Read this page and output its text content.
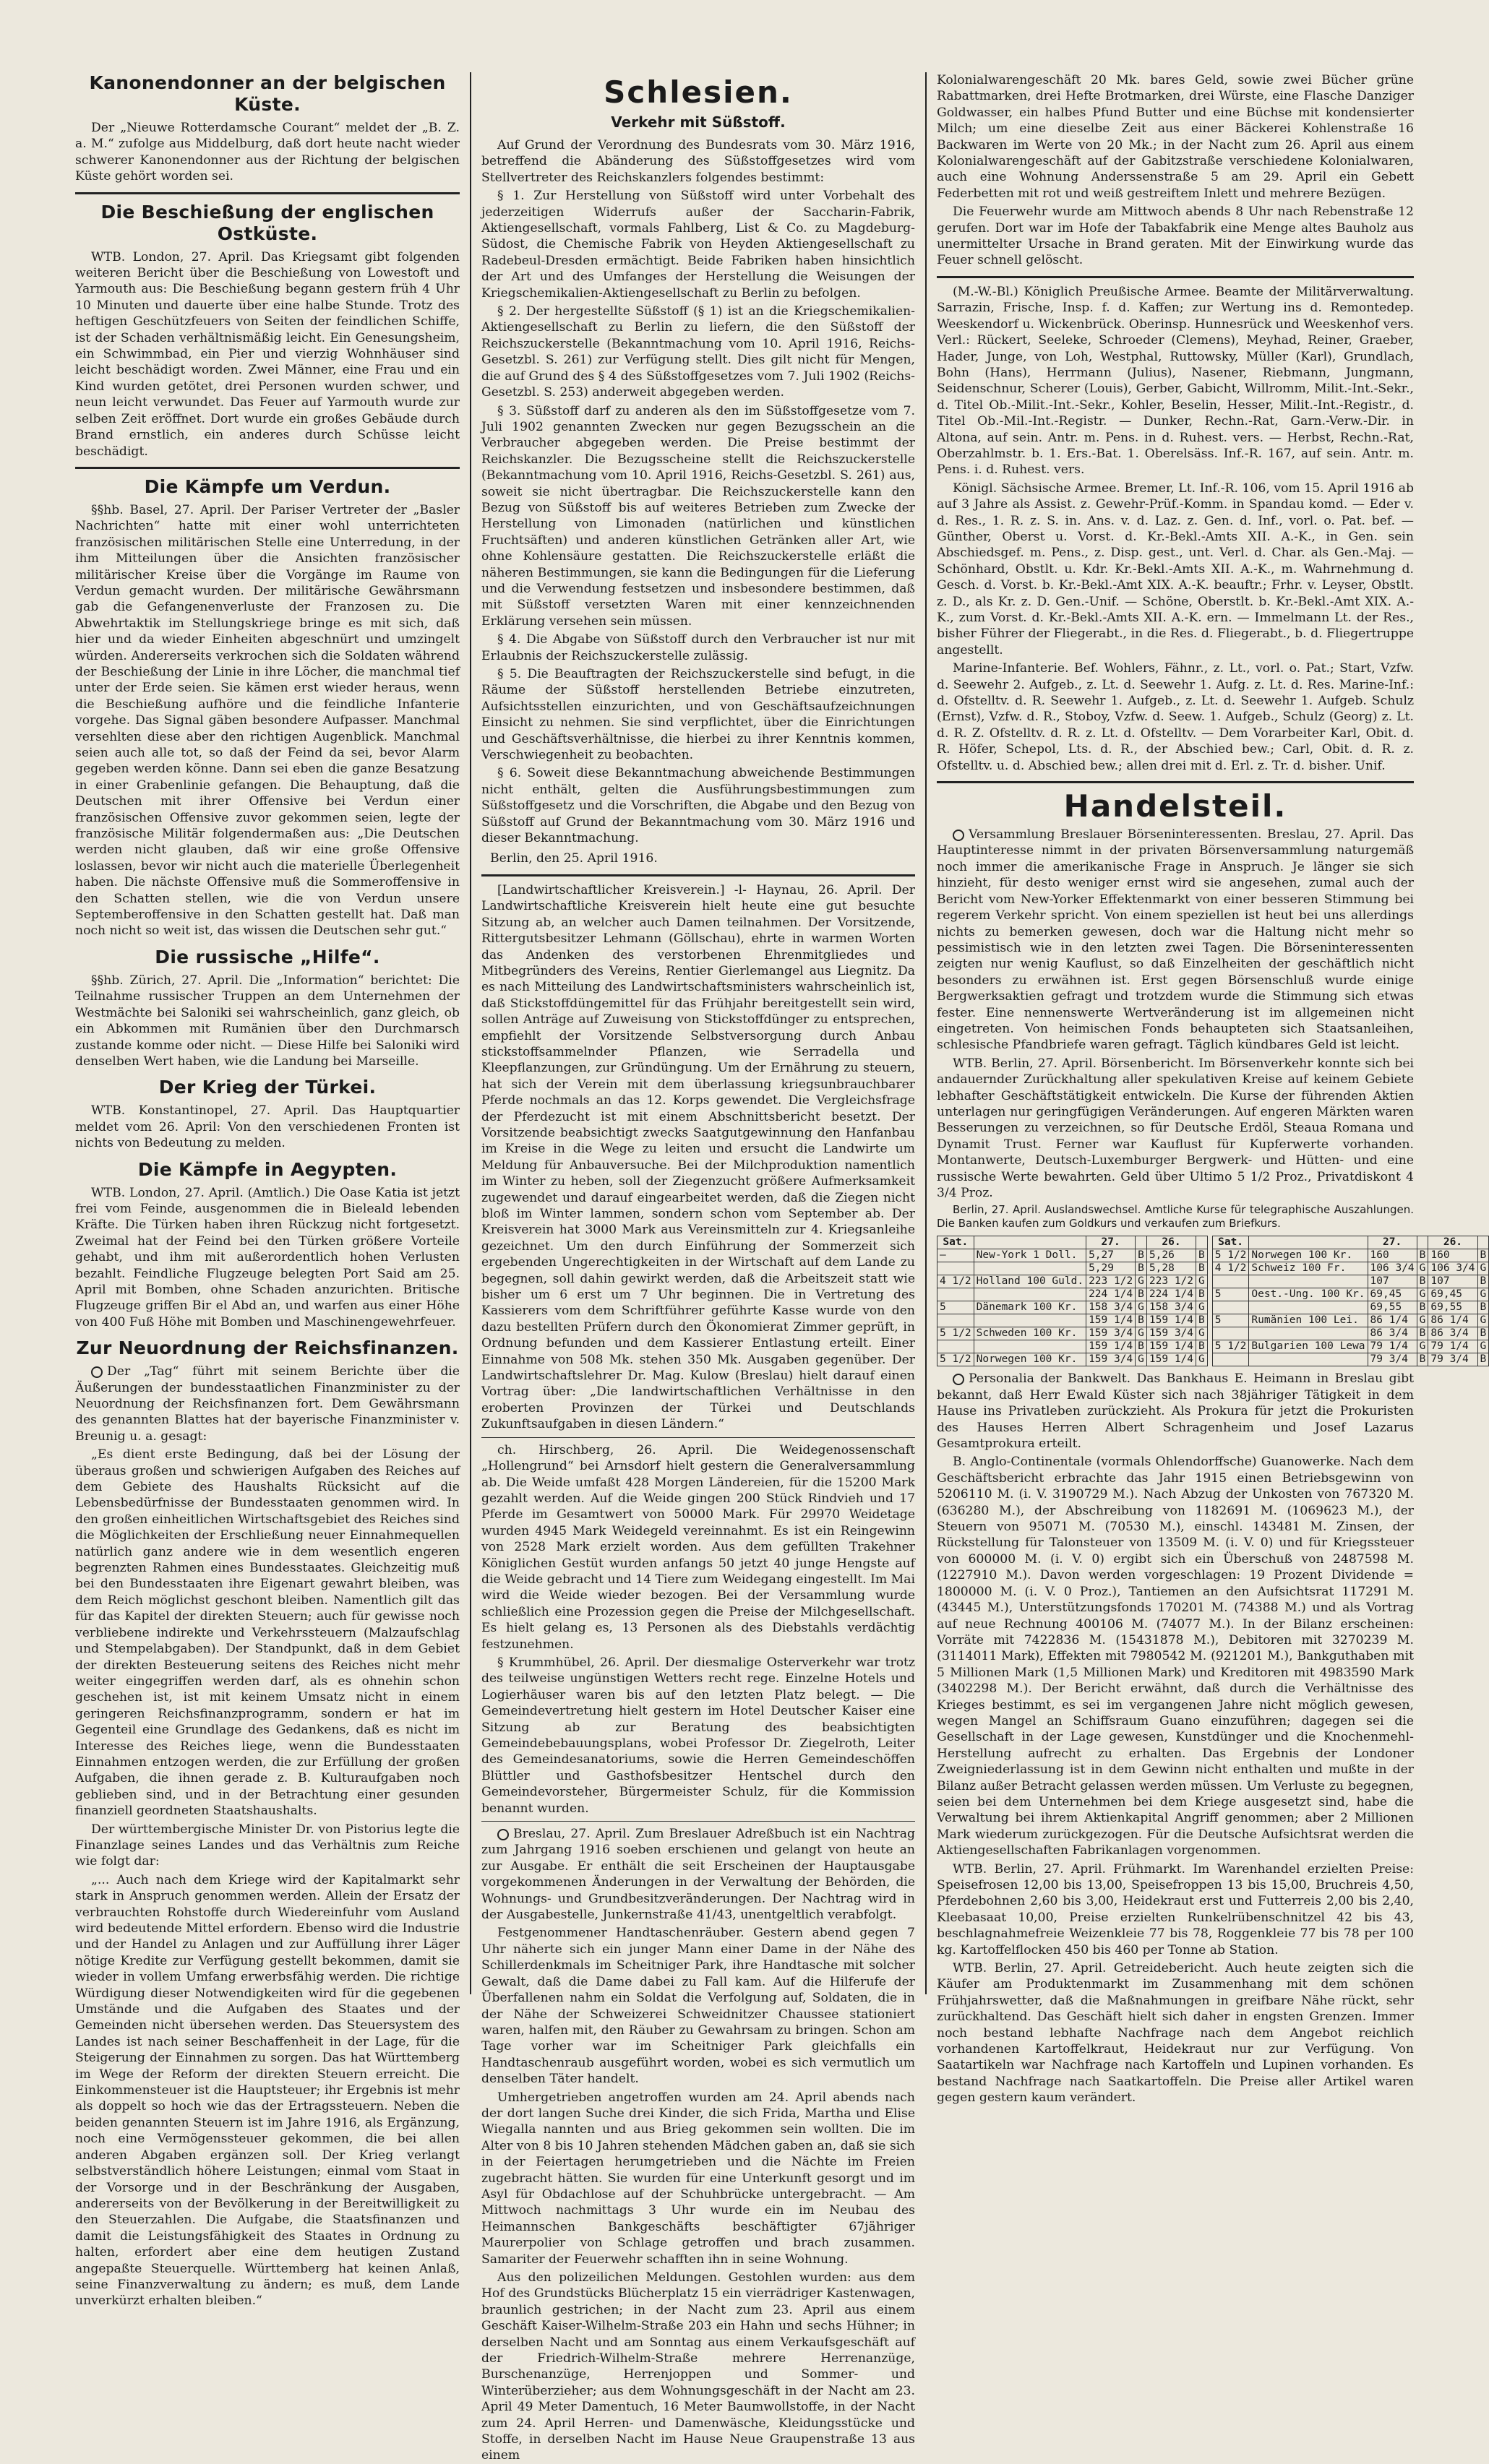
Kanonendonner an der belgischen Küste.

Der „Nieuwe Rotterdamsche Courant“ meldet der „B. Z. a. M.“ zufolge aus Middelburg, daß dort heute nacht wieder schwerer Kanonendonner aus der Richtung der belgischen Küste gehört worden sei.

Die Beschießung der englischen Ostküste.

WTB. London, 27. April. Das Kriegsamt gibt folgenden weiteren Bericht über die Beschießung von Lowestoft und Yarmouth aus: Die Beschießung begann gestern früh 4 Uhr 10 Minuten und dauerte über eine halbe Stunde. Trotz des heftigen Geschützfeuers von Seiten der feindlichen Schiffe, ist der Schaden verhältnismäßig leicht. Ein Genesungsheim, ein Schwimmbad, ein Pier und vierzig Wohnhäuser sind leicht beschädigt worden. Zwei Männer, eine Frau und ein Kind wurden getötet, drei Personen wurden schwer, und neun leicht verwundet. Das Feuer auf Yarmouth wurde zur selben Zeit eröffnet. Dort wurde ein großes Gebäude durch Brand ernstlich, ein anderes durch Schüsse leicht beschädigt.

Die Kämpfe um Verdun.

§§hb. Basel, 27. April. Der Pariser Vertreter der „Basler Nachrichten“ hatte mit einer wohl unterrichteten französischen militärischen Stelle eine Unterredung, in der ihm Mitteilungen über die Ansichten französischer militärischer Kreise über die Vorgänge im Raume von Verdun gemacht wurden. Der militärische Gewährsmann gab die Gefangenenverluste der Franzosen zu. Die Abwehrtaktik im Stellungskriege bringe es mit sich, daß hier und da wieder Einheiten abgeschnürt und umzingelt würden. Andererseits verkrochen sich die Soldaten während der Beschießung der Linie in ihre Löcher, die manchmal tief unter der Erde seien. Sie kämen erst wieder heraus, wenn die Beschießung aufhöre und die feindliche Infanterie vorgehe. Das Signal gäben besondere Aufpasser. Manchmal versehlten diese aber den richtigen Augenblick. Manchmal seien auch alle tot, so daß der Feind da sei, bevor Alarm gegeben werden könne. Dann sei eben die ganze Besatzung in einer Grabenlinie gefangen. Die Behauptung, daß die Deutschen mit ihrer Offensive bei Verdun einer französischen Offensive zuvor gekommen seien, legte der französische Militär folgendermaßen aus: „Die Deutschen werden nicht glauben, daß wir eine große Offensive loslassen, bevor wir nicht auch die materielle Überlegenheit haben. Die nächste Offensive muß die Sommeroffensive in den Schatten stellen, wie die von Verdun unsere Septemberoffensive in den Schatten gestellt hat. Daß man noch nicht so weit ist, das wissen die Deutschen sehr gut.“

Die russische „Hilfe“.

§§hb. Zürich, 27. April. Die „Information“ berichtet: Die Teilnahme russischer Truppen an dem Unternehmen der Westmächte bei Saloniki sei wahrscheinlich, ganz gleich, ob ein Abkommen mit Rumänien über den Durchmarsch zustande komme oder nicht. — Diese Hilfe bei Saloniki wird denselben Wert haben, wie die Landung bei Marseille.

Der Krieg der Türkei.

WTB. Konstantinopel, 27. April. Das Hauptquartier meldet vom 26. April: Von den verschiedenen Fronten ist nichts von Bedeutung zu melden.

Die Kämpfe in Aegypten.

WTB. London, 27. April. (Amtlich.) Die Oase Katia ist jetzt frei vom Feinde, ausgenommen die in Bieleald lebenden Kräfte. Die Türken haben ihren Rückzug nicht fortgesetzt. Zweimal hat der Feind bei den Türken größere Vorteile gehabt, und ihm mit außerordentlich hohen Verlusten bezahlt. Feindliche Flugzeuge belegten Port Said am 25. April mit Bomben, ohne Schaden anzurichten. Britische Flugzeuge griffen Bir el Abd an, und warfen aus einer Höhe von 400 Fuß Höhe mit Bomben und Maschinengewehrfeuer.

Zur Neuordnung der Reichsfinanzen.

Der „Tag“ führt mit seinem Berichte über die Äußerungen der bundesstaatlichen Finanzminister zu der Neuordnung der Reichsfinanzen fort. Dem Gewährsmann des genannten Blattes hat der bayerische Finanzminister v. Breunig u. a. gesagt:

„Es dient erste Bedingung, daß bei der Lösung der überaus großen und schwierigen Aufgaben des Reiches auf dem Gebiete des Haushalts Rücksicht auf die Lebensbedürfnisse der Bundesstaaten genommen wird. In den großen einheitlichen Wirtschaftsgebiet des Reiches sind die Möglichkeiten der Erschließung neuer Einnahmequellen natürlich ganz andere wie in dem wesentlich engeren begrenzten Rahmen eines Bundesstaates. Gleichzeitig muß bei den Bundesstaaten ihre Eigenart gewahrt bleiben, was dem Reich möglichst geschont bleiben. Namentlich gilt das für das Kapitel der direkten Steuern; auch für gewisse noch verbliebene indirekte und Verkehrssteuern (Malzaufschlag und Stempelabgaben). Der Standpunkt, daß in dem Gebiet der direkten Besteuerung seitens des Reiches nicht mehr weiter eingegriffen werden darf, als es ohnehin schon geschehen ist, ist mit keinem Umsatz nicht in einem geringeren Reichsfinanzprogramm, sondern er hat im Gegenteil eine Grundlage des Gedankens, daß es nicht im Interesse des Reiches liege, wenn die Bundesstaaten Einnahmen entzogen werden, die zur Erfüllung der großen Aufgaben, die ihnen gerade z. B. Kulturaufgaben noch geblieben sind, und in der Betrachtung einer gesunden finanziell geordneten Staatshaushalts.

Der württembergische Minister Dr. von Pistorius legte die Finanzlage seines Landes und das Verhältnis zum Reiche wie folgt dar:

„... Auch nach dem Kriege wird der Kapitalmarkt sehr stark in Anspruch genommen werden. Allein der Ersatz der verbrauchten Rohstoffe durch Wiedereinfuhr vom Ausland wird bedeutende Mittel erfordern. Ebenso wird die Industrie und der Handel zu Anlagen und zur Auffüllung ihrer Läger nötige Kredite zur Verfügung gestellt bekommen, damit sie wieder in vollem Umfang erwerbsfähig werden. Die richtige Würdigung dieser Notwendigkeiten wird für die gegebenen Umstände und die Aufgaben des Staates und der Gemeinden nicht übersehen werden. Das Steuersystem des Landes ist nach seiner Beschaffenheit in der Lage, für die Steigerung der Einnahmen zu sorgen. Das hat Württemberg im Wege der Reform der direkten Steuern erreicht. Die Einkommensteuer ist die Hauptsteuer; ihr Ergebnis ist mehr als doppelt so hoch wie das der Ertragssteuern. Neben die beiden genannten Steuern ist im Jahre 1916, als Ergänzung, noch eine Vermögenssteuer gekommen, die bei allen anderen Abgaben ergänzen soll. Der Krieg verlangt selbstverständlich höhere Leistungen; einmal vom Staat in der Vorsorge und in der Beschränkung der Ausgaben, andererseits von der Bevölkerung in der Bereitwilligkeit zu den Steuerzahlen. Die Aufgabe, die Staatsfinanzen und damit die Leistungsfähigkeit des Staates in Ordnung zu halten, erfordert aber eine dem heutigen Zustand angepaßte Steuerquelle. Württemberg hat keinen Anlaß, seine Finanzverwaltung zu ändern; es muß, dem Lande unverkürzt erhalten bleiben.“

Schlesien.
Verkehr mit Süßstoff.

Auf Grund der Verordnung des Bundesrats vom 30. März 1916, betreffend die Abänderung des Süßstoffgesetzes wird vom Stellvertreter des Reichskanzlers folgendes bestimmt:

§ 1. Zur Herstellung von Süßstoff wird unter Vorbehalt des jederzeitigen Widerrufs außer der Saccharin-Fabrik, Aktiengesellschaft, vormals Fahlberg, List & Co. zu Magdeburg-Südost, die Chemische Fabrik von Heyden Aktiengesellschaft zu Radebeul-Dresden ermächtigt. Beide Fabriken haben hinsichtlich der Art und des Umfanges der Herstellung die Weisungen der Kriegschemikalien-Aktiengesellschaft zu Berlin zu befolgen.

§ 2. Der hergestellte Süßstoff (§ 1) ist an die Kriegschemikalien-Aktiengesellschaft zu Berlin zu liefern, die den Süßstoff der Reichszuckerstelle (Bekanntmachung vom 10. April 1916, Reichs-Gesetzbl. S. 261) zur Verfügung stellt. Dies gilt nicht für Mengen, die auf Grund des § 4 des Süßstoffgesetzes vom 7. Juli 1902 (Reichs-Gesetzbl. S. 253) anderweit abgegeben werden.

§ 3. Süßstoff darf zu anderen als den im Süßstoffgesetze vom 7. Juli 1902 genannten Zwecken nur gegen Bezugsschein an die Verbraucher abgegeben werden. Die Preise bestimmt der Reichskanzler. Die Bezugsscheine stellt die Reichszuckerstelle (Bekanntmachung vom 10. April 1916, Reichs-Gesetzbl. S. 261) aus, soweit sie nicht übertragbar. Die Reichszuckerstelle kann den Bezug von Süßstoff bis auf weiteres Betrieben zum Zwecke der Herstellung von Limonaden (natürlichen und künstlichen Fruchtsäften) und anderen künstlichen Getränken aller Art, wie ohne Kohlensäure gestatten. Die Reichszuckerstelle erläßt die näheren Bestimmungen, sie kann die Bedingungen für die Lieferung und die Verwendung festsetzen und insbesondere bestimmen, daß mit Süßstoff versetzten Waren mit einer kennzeichnenden Erklärung versehen sein müssen.

§ 4. Die Abgabe von Süßstoff durch den Verbraucher ist nur mit Erlaubnis der Reichszuckerstelle zulässig.

§ 5. Die Beauftragten der Reichszuckerstelle sind befugt, in die Räume der Süßstoff herstellenden Betriebe einzutreten, Aufsichtsstellen einzurichten, und von Geschäftsaufzeichnungen Einsicht zu nehmen. Sie sind verpflichtet, über die Einrichtungen und Geschäftsverhältnisse, die hierbei zu ihrer Kenntnis kommen, Verschwiegenheit zu beobachten.

§ 6. Soweit diese Bekanntmachung abweichende Bestimmungen nicht enthält, gelten die Ausführungsbestimmungen zum Süßstoffgesetz und die Vorschriften, die Abgabe und den Bezug von Süßstoff auf Grund der Bekanntmachung vom 30. März 1916 und dieser Bekanntmachung.

Berlin, den 25. April 1916.

[Landwirtschaftlicher Kreisverein.] -l- Haynau, 26. April. Der Landwirtschaftliche Kreisverein hielt heute eine gut besuchte Sitzung ab, an welcher auch Damen teilnahmen. Der Vorsitzende, Rittergutsbesitzer Lehmann (Göllschau), ehrte in warmen Worten das Andenken des verstorbenen Ehrenmitgliedes und Mitbegründers des Vereins, Rentier Gierlemangel aus Liegnitz. Da es nach Mitteilung des Landwirtschaftsministers wahrscheinlich ist, daß Stickstoffdüngemittel für das Frühjahr bereitgestellt sein wird, sollen Anträge auf Zuweisung von Stickstoffdünger zu entsprechen, empfiehlt der Vorsitzende Selbstversorgung durch Anbau stickstoffsammelnder Pflanzen, wie Serradella und Kleepflanzungen, zur Gründüngung. Um der Ernährung zu steuern, hat sich der Verein mit dem überlassung kriegsunbrauchbarer Pferde nochmals an das 12. Korps gewendet. Die Vergleichsfrage der Pferdezucht ist mit einem Abschnittsbericht besetzt. Der Vorsitzende beabsichtigt zwecks Saatgutgewinnung den Hanfanbau im Kreise in die Wege zu leiten und ersucht die Landwirte um Meldung für Anbauversuche. Bei der Milchproduktion namentlich im Winter zu heben, soll der Ziegenzucht größere Aufmerksamkeit zugewendet und darauf eingearbeitet werden, daß die Ziegen nicht bloß im Winter lammen, sondern schon vom September ab. Der Kreisverein hat 3000 Mark aus Vereinsmitteln zur 4. Kriegsanleihe gezeichnet. Um den durch Einführung der Sommerzeit sich ergebenden Ungerechtigkeiten in der Wirtschaft auf dem Lande zu begegnen, soll dahin gewirkt werden, daß die Arbeitszeit statt wie bisher um 6 erst um 7 Uhr beginnen. Die in Vertretung des Kassierers vom dem Schriftführer geführte Kasse wurde von den dazu bestellten Prüfern durch den Ökonomierat Zimmer geprüft, in Ordnung befunden und dem Kassierer Entlastung erteilt. Einer Einnahme von 508 Mk. stehen 350 Mk. Ausgaben gegenüber. Der Landwirtschaftslehrer Dr. Mag. Kulow (Breslau) hielt darauf einen Vortrag über: „Die landwirtschaftlichen Verhältnisse in den eroberten Provinzen der Türkei und Deutschlands Zukunftsaufgaben in diesen Ländern.“

ch. Hirschberg, 26. April. Die Weidegenossenschaft „Hollengrund“ bei Arnsdorf hielt gestern die Generalversammlung ab. Die Weide umfaßt 428 Morgen Ländereien, für die 15200 Mark gezahlt werden. Auf die Weide gingen 200 Stück Rindvieh und 17 Pferde im Gesamtwert von 50000 Mark. Für 29970 Weidetage wurden 4945 Mark Weidegeld vereinnahmt. Es ist ein Reingewinn von 2528 Mark erzielt worden. Aus dem gefüllten Trakehner Königlichen Gestüt wurden anfangs 50 jetzt 40 junge Hengste auf die Weide gebracht und 14 Tiere zum Weidegang eingestellt. Im Mai wird die Weide wieder bezogen. Bei der Versammlung wurde schließlich eine Prozession gegen die Preise der Milchgesellschaft. Es hielt gelang es, 13 Personen als des Diebstahls verdächtig festzunehmen.

§ Krummhübel, 26. April. Der diesmalige Osterverkehr war trotz des teilweise ungünstigen Wetters recht rege. Einzelne Hotels und Logierhäuser waren bis auf den letzten Platz belegt. — Die Gemeindevertretung hielt gestern im Hotel Deutscher Kaiser eine Sitzung ab zur Beratung des beabsichtigten Gemeindebebauungsplans, wobei Professor Dr. Ziegelroth, Leiter des Gemeindesanatoriums, sowie die Herren Gemeindeschöffen Blüttler und Gasthofsbesitzer Hentschel durch den Gemeindevorsteher, Bürgermeister Schulz, für die Kommission benannt wurden.

Breslau, 27. April. Zum Breslauer Adreßbuch ist ein Nachtrag zum Jahrgang 1916 soeben erschienen und gelangt von heute an zur Ausgabe. Er enthält die seit Erscheinen der Hauptausgabe vorgekommenen Änderungen in der Verwaltung der Behörden, die Wohnungs- und Grundbesitzveränderungen. Der Nachtrag wird in der Ausgabestelle, Junkernstraße 41/43, unentgeltlich verabfolgt.

Festgenommener Handtaschenräuber. Gestern abend gegen 7 Uhr näherte sich ein junger Mann einer Dame in der Nähe des Schillerdenkmals im Scheitniger Park, ihre Handtasche mit solcher Gewalt, daß die Dame dabei zu Fall kam. Auf die Hilferufe der Überfallenen nahm ein Soldat die Verfolgung auf, Soldaten, die in der Nähe der Schweizerei Schweidnitzer Chaussee stationiert waren, halfen mit, den Räuber zu Gewahrsam zu bringen. Schon am Tage vorher war im Scheitniger Park gleichfalls ein Handtaschenraub ausgeführt worden, wobei es sich vermutlich um denselben Täter handelt.

Umhergetrieben angetroffen wurden am 24. April abends nach der dort langen Suche drei Kinder, die sich Frida, Martha und Elise Wiegalla nannten und aus Brieg gekommen sein wollten. Die im Alter von 8 bis 10 Jahren stehenden Mädchen gaben an, daß sie sich in der Feiertagen herumgetrieben und die Nächte im Freien zugebracht hätten. Sie wurden für eine Unterkunft gesorgt und im Asyl für Obdachlose auf der Schuhbrücke untergebracht. — Am Mittwoch nachmittags 3 Uhr wurde ein im Neubau des Heimannschen Bankgeschäfts beschäftigter 67jähriger Maurerpolier von Schlage getroffen und brach zusammen. Samariter der Feuerwehr schafften ihn in seine Wohnung.

Aus den polizeilichen Meldungen. Gestohlen wurden: aus dem Hof des Grundstücks Blücherplatz 15 ein vierrädriger Kastenwagen, braunlich gestrichen; in der Nacht zum 23. April aus einem Geschäft Kaiser-Wilhelm-Straße 203 ein Hahn und sechs Hühner; in derselben Nacht und am Sonntag aus einem Verkaufsgeschäft auf der Friedrich-Wilhelm-Straße mehrere Herrenanzüge, Burschenanzüge, Herrenjoppen und Sommer- und Winterüberzieher; aus dem Wohnungsgeschäft in der Nacht am 23. April 49 Meter Damentuch, 16 Meter Baumwollstoffe, in der Nacht zum 24. April Herren- und Damenwäsche, Kleidungsstücke und Stoffe, in derselben Nacht im Hause Neue Graupenstraße 13 aus einem

Kolonialwarengeschäft 20 Mk. bares Geld, sowie zwei Bücher grüne Rabattmarken, drei Hefte Brotmarken, drei Würste, eine Flasche Danziger Goldwasser, ein halbes Pfund Butter und eine Büchse mit kondensierter Milch; um eine dieselbe Zeit aus einer Bäckerei Kohlenstraße 16 Backwaren im Werte von 20 Mk.; in der Nacht zum 26. April aus einem Kolonialwarengeschäft auf der Gabitzstraße verschiedene Kolonialwaren, auch eine Wohnung Anderssenstraße 5 am 29. April ein Gebett Federbetten mit rot und weiß gestreiftem Inlett und mehrere Bezügen.

Die Feuerwehr wurde am Mittwoch abends 8 Uhr nach Rebenstraße 12 gerufen. Dort war im Hofe der Tabakfabrik eine Menge altes Bauholz aus unermittelter Ursache in Brand geraten. Mit der Einwirkung wurde das Feuer schnell gelöscht.

(M.-W.-Bl.) Königlich Preußische Armee. Beamte der Militärverwaltung. Sarrazin, Frische, Insp. f. d. Kaffen; zur Wertung ins d. Remontedep. Weeskendorf u. Wickenbrück. Oberinsp. Hunnesrück und Weeskenhof vers. Verl.: Rückert, Seeleke, Schroeder (Clemens), Meyhad, Reiner, Graeber, Hader, Junge, von Loh, Westphal, Ruttowsky, Müller (Karl), Grundlach, Bohn (Hans), Herrmann (Julius), Nasener, Riebmann, Jungmann, Seidenschnur, Scherer (Louis), Gerber, Gabicht, Willromm, Milit.-Int.-Sekr., d. Titel Ob.-Milit.-Int.-Sekr., Kohler, Beselin, Hesser, Milit.-Int.-Registr., d. Titel Ob.-Mil.-Int.-Registr. — Dunker, Rechn.-Rat, Garn.-Verw.-Dir. in Altona, auf sein. Antr. m. Pens. in d. Ruhest. vers. — Herbst, Rechn.-Rat, Oberzahlmstr. b. 1. Ers.-Bat. 1. Oberelsäss. Inf.-R. 167, auf sein. Antr. m. Pens. i. d. Ruhest. vers.

Königl. Sächsische Armee. Bremer, Lt. Inf.-R. 106, vom 15. April 1916 ab auf 3 Jahre als Assist. z. Gewehr-Prüf.-Komm. in Spandau komd. — Eder v. d. Res., 1. R. z. S. in. Ans. v. d. Laz. z. Gen. d. Inf., vorl. o. Pat. bef. — Günther, Oberst u. Vorst. d. Kr.-Bekl.-Amts XII. A.-K., in Gen. sein Abschiedsgef. m. Pens., z. Disp. gest., unt. Verl. d. Char. als Gen.-Maj. — Schönhard, Obstlt. u. Kdr. Kr.-Bekl.-Amts XII. A.-K., m. Wahrnehmung d. Gesch. d. Vorst. b. Kr.-Bekl.-Amt XIX. A.-K. beauftr.; Frhr. v. Leyser, Obstlt. z. D., als Kr. z. D. Gen.-Unif. — Schöne, Oberstlt. b. Kr.-Bekl.-Amt XIX. A.-K., zum Vorst. d. Kr.-Bekl.-Amts XII. A.-K. ern. — Immelmann Lt. der Res., bisher Führer der Fliegerabt., in die Res. d. Fliegerabt., b. d. Fliegertruppe angestellt.

Marine-Infanterie. Bef. Wohlers, Fähnr., z. Lt., vorl. o. Pat.; Start, Vzfw. d. Seewehr 2. Aufgeb., z. Lt. d. Seewehr 1. Aufg. z. Lt. d. Res. Marine-Inf.: d. Ofstelltv. d. R. Seewehr 1. Aufgeb., z. Lt. d. Seewehr 1. Aufgeb. Schulz (Ernst), Vzfw. d. R., Stoboy, Vzfw. d. Seew. 1. Aufgeb., Schulz (Georg) z. Lt. d. R. Z. Ofstelltv. d. R. z. Lt. d. Ofstelltv. — Dem Vorarbeiter Karl, Obit. d. R. Höfer, Schepol, Lts. d. R., der Abschied bew.; Carl, Obit. d. R. z. Ofstelltv. u. d. Abschied bew.; allen drei mit d. Erl. z. Tr. d. bisher. Unif.

Handelsteil.

Versammlung Breslauer Börseninteressenten. Breslau, 27. April. Das Hauptinteresse nimmt in der privaten Börsenversammlung naturgemäß noch immer die amerikanische Frage in Anspruch. Je länger sie sich hinzieht, für desto weniger ernst wird sie angesehen, zumal auch der Bericht vom New-Yorker Effektenmarkt von einer besseren Stimmung bei regerem Verkehr spricht. Von einem speziellen ist heut bei uns allerdings nichts zu bemerken gewesen, doch war die Haltung nicht mehr so pessimistisch wie in den letzten zwei Tagen. Die Börseninteressenten zeigten nur wenig Kauflust, so daß Einzelheiten der geschäftlich nicht besonders zu erwähnen ist. Erst gegen Börsenschluß wurde einige Bergwerksaktien gefragt und trotzdem wurde die Stimmung sich etwas fester. Eine nennenswerte Wertveränderung ist im allgemeinen nicht eingetreten. Von heimischen Fonds behaupteten sich Staatsanleihen, schlesische Pfandbriefe waren gefragt. Täglich kündbares Geld ist leicht.

WTB. Berlin, 27. April. Börsenbericht. Im Börsenverkehr konnte sich bei andauernder Zurückhaltung aller spekulativen Kreise auf keinem Gebiete lebhafter Geschäftstätigkeit entwickeln. Die Kurse der führenden Aktien unterlagen nur geringfügigen Veränderungen. Auf engeren Märkten waren Besserungen zu verzeichnen, so für Deutsche Erdöl, Steaua Romana und Dynamit Trust. Ferner war Kauflust für Kupferwerte vorhanden. Montanwerte, Deutsch-Luxemburger Bergwerk- und Hütten- und eine russische Werte bewahrten. Geld über Ultimo 5 1/2 Proz., Privatdiskont 4 3/4 Proz.

Berlin, 27. April. Auslandswechsel. Amtliche Kurse für telegraphische Auszahlungen. Die Banken kaufen zum Goldkurs und verkaufen zum Briefkurs.

Sat.		27.		26.	
—	New-York 1 Doll.	5,27	B	5,26	B
		5,29	B	5,28	B
4 1/2	Holland 100 Guld.	223 1/2	G	223 1/2	G
		224 1/4	B	224 1/4	B
5	Dänemark 100 Kr.	158 3/4	G	158 3/4	G
		159 1/4	B	159 1/4	B
5 1/2	Schweden 100 Kr.	159 3/4	G	159 3/4	G
		159 1/4	B	159 1/4	B
5 1/2	Norwegen 100 Kr.	159 3/4	G	159 1/4	G
Sat.		27.		26.	
5 1/2	Norwegen 100 Kr.	160	B	160	B
4 1/2	Schweiz 100 Fr.	106 3/4	G	106 3/4	G
		107	B	107	B
5	Oest.-Ung. 100 Kr.	69,45	G	69,45	G
		69,55	B	69,55	B
5	Rumänien 100 Lei.	86 1/4	G	86 1/4	G
		86 3/4	B	86 3/4	B
5 1/2	Bulgarien 100 Lewa	79 1/4	G	79 1/4	G
		79 3/4	B	79 3/4	B

Personalia der Bankwelt. Das Bankhaus E. Heimann in Breslau gibt bekannt, daß Herr Ewald Küster sich nach 38jähriger Tätigkeit in dem Hause ins Privatleben zurückzieht. Als Prokura für jetzt die Prokuristen des Hauses Herren Albert Schragenheim und Josef Lazarus Gesamtprokura erteilt.

B. Anglo-Continentale (vormals Ohlendorffsche) Guanowerke. Nach dem Geschäftsbericht erbrachte das Jahr 1915 einen Betriebsgewinn von 5206110 M. (i. V. 3190729 M.). Nach Abzug der Unkosten von 767320 M. (636280 M.), der Abschreibung von 1182691 M. (1069623 M.), der Steuern von 95071 M. (70530 M.), einschl. 143481 M. Zinsen, der Rückstellung für Talonsteuer von 13509 M. (i. V. 0) und für Kriegssteuer von 600000 M. (i. V. 0) ergibt sich ein Überschuß von 2487598 M. (1227910 M.). Davon werden vorgeschlagen: 19 Prozent Dividende = 1800000 M. (i. V. 0 Proz.), Tantiemen an den Aufsichtsrat 117291 M. (43445 M.), Unterstützungsfonds 170201 M. (74388 M.) und als Vortrag auf neue Rechnung 400106 M. (74077 M.). In der Bilanz erscheinen: Vorräte mit 7422836 M. (15431878 M.), Debitoren mit 3270239 M. (3114011 Mark), Effekten mit 7980542 M. (921201 M.), Bankguthaben mit 5 Millionen Mark (1,5 Millionen Mark) und Kreditoren mit 4983590 Mark (3402298 M.). Der Bericht erwähnt, daß durch die Verhältnisse des Krieges bestimmt, es sei im vergangenen Jahre nicht möglich gewesen, wegen Mangel an Schiffsraum Guano einzuführen; dagegen sei die Gesellschaft in der Lage gewesen, Kunstdünger und die Knochenmehl-Herstellung aufrecht zu erhalten. Das Ergebnis der Londoner Zweigniederlassung ist in dem Gewinn nicht enthalten und mußte in der Bilanz außer Betracht gelassen werden müssen. Um Verluste zu begegnen, seien bei dem Unternehmen bei dem Kriege ausgesetzt sind, habe die Verwaltung bei ihrem Aktienkapital Angriff genommen; aber 2 Millionen Mark wiederum zurückgezogen. Für die Deutsche Aufsichtsrat werden die Aktiengesellschaften Fabrikanlagen vorgenommen.

WTB. Berlin, 27. April. Frühmarkt. Im Warenhandel erzielten Preise: Speisefrosen 12,00 bis 13,00, Speisefroppen 13 bis 15,00, Bruchreis 4,50, Pferdebohnen 2,60 bis 3,00, Heidekraut erst und Futterreis 2,00 bis 2,40, Kleebasaat 10,00, Preise erzielten Runkelrübenschnitzel 42 bis 43, beschlagnahmefreie Weizenkleie 77 bis 78, Roggenkleie 77 bis 78 per 100 kg. Kartoffelflocken 450 bis 460 per Tonne ab Station.

WTB. Berlin, 27. April. Getreidebericht. Auch heute zeigten sich die Käufer am Produktenmarkt im Zusammenhang mit dem schönen Frühjahrswetter, daß die Maßnahmungen in greifbare Nähe rückt, sehr zurückhaltend. Das Geschäft hielt sich daher in engsten Grenzen. Immer noch bestand lebhafte Nachfrage nach dem Angebot reichlich vorhandenen Kartoffelkraut, Heidekraut nur zur Verfügung. Von Saatartikeln war Nachfrage nach Kartoffeln und Lupinen vorhanden. Es bestand Nachfrage nach Saatkartoffeln. Die Preise aller Artikel waren gegen gestern kaum verändert.
